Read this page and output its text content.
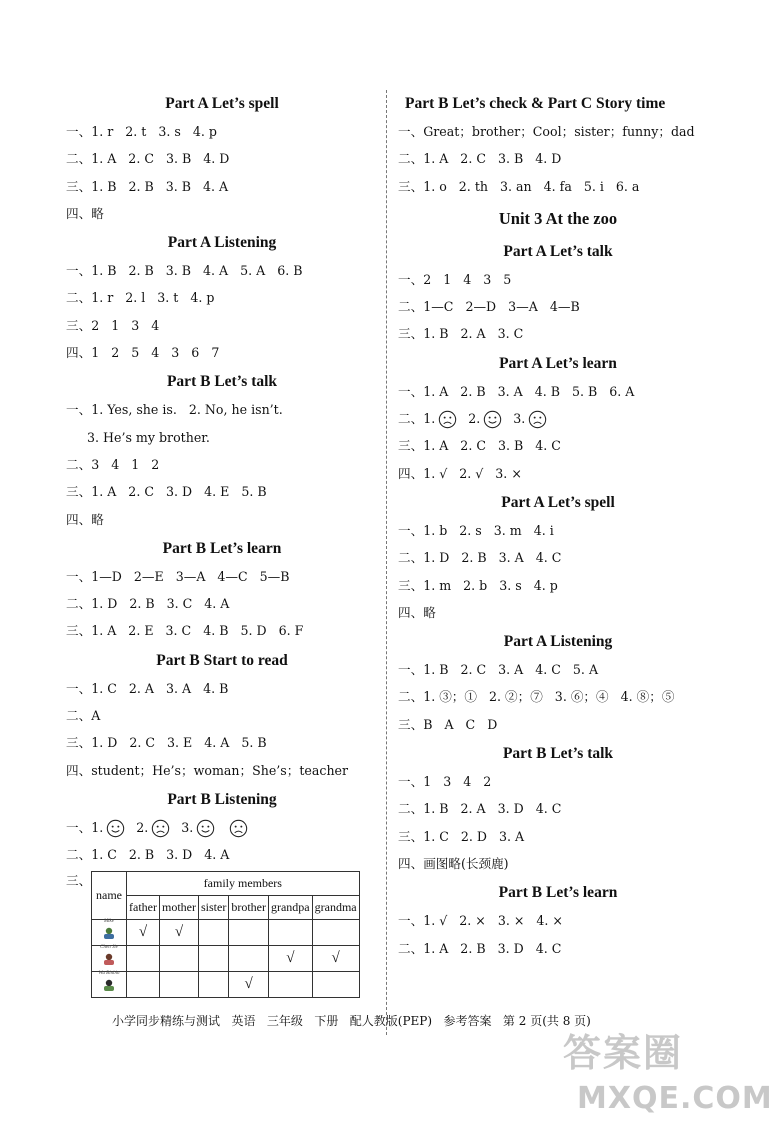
Part A Let’s spell
一、1. r   2. t   3. s   4. p
二、1. A   2. C   3. B   4. D
三、1. B   2. B   3. B   4. A
四、略
Part A Listening
一、1. B   2. B   3. B   4. A   5. A   6. B
二、1. r   2. l   3. t   4. p
三、2   1   3   4
四、1   2   5   4   3   6   7
Part B Let’s talk
一、1. Yes, she is.   2. No, he isn’t.
3. He’s my brother.
二、3   4   1   2
三、1. A   2. C   3. D   4. E   5. B
四、略
Part B Let’s learn
一、1—D   2—E   3—A   4—C   5—B
二、1. D   2. B   3. C   4. A
三、1. A   2. E   3. C   4. B   5. D   6. F
Part B Start to read
一、1. C   2. A   3. A   4. B
二、A
三、1. D   2. C   3. E   4. A   5. B
四、student；He’s；woman；She’s；teacher
Part B Listening
一、1.	2.	3.
二、1. C   2. B   3. D   4. A
三、
name	family members					
	father	mother	sister	brother	grandpa	grandma

Mike	√	√				

Chen Jie					√	√

Wu Binbin				√		
Part B Let’s check & Part C Story time
一、Great；brother；Cool；sister；funny；dad
二、1. A   2. C   3. B   4. D
三、1. o   2. th   3. an   4. fa   5. i   6. a
Unit 3 At the zoo
Part A Let’s talk
一、2   1   4   3   5
二、1—C   2—D   3—A   4—B
三、1. B   2. A   3. C
Part A Let’s learn
一、1. A   2. B   3. A   4. B   5. B   6. A
二、1.	2.	3.
三、1. A   2. C   3. B   4. C
四、1. √   2. √   3. ×
Part A Let’s spell
一、1. b   2. s   3. m   4. i
二、1. D   2. B   3. A   4. C
三、1. m   2. b   3. s   4. p
四、略
Part A Listening
一、1. B   2. C   3. A   4. C   5. A
二、1. ③；①   2. ②；⑦   3. ⑥；④   4. ⑧；⑤
三、B   A   C   D
Part B Let’s talk
一、1   3   4   2
二、1. B   2. A   3. D   4. C
三、1. C   2. D   3. A
四、画图略(长颈鹿)
Part B Let’s learn
一、1. √   2. ×   3. ×   4. ×
二、1. A   2. B   3. D   4. C
小学同步精练与测试   英语   三年级   下册   配人教版(PEP)   参考答案   第 2 页(共 8 页)
答案圈
MXQE.COM
